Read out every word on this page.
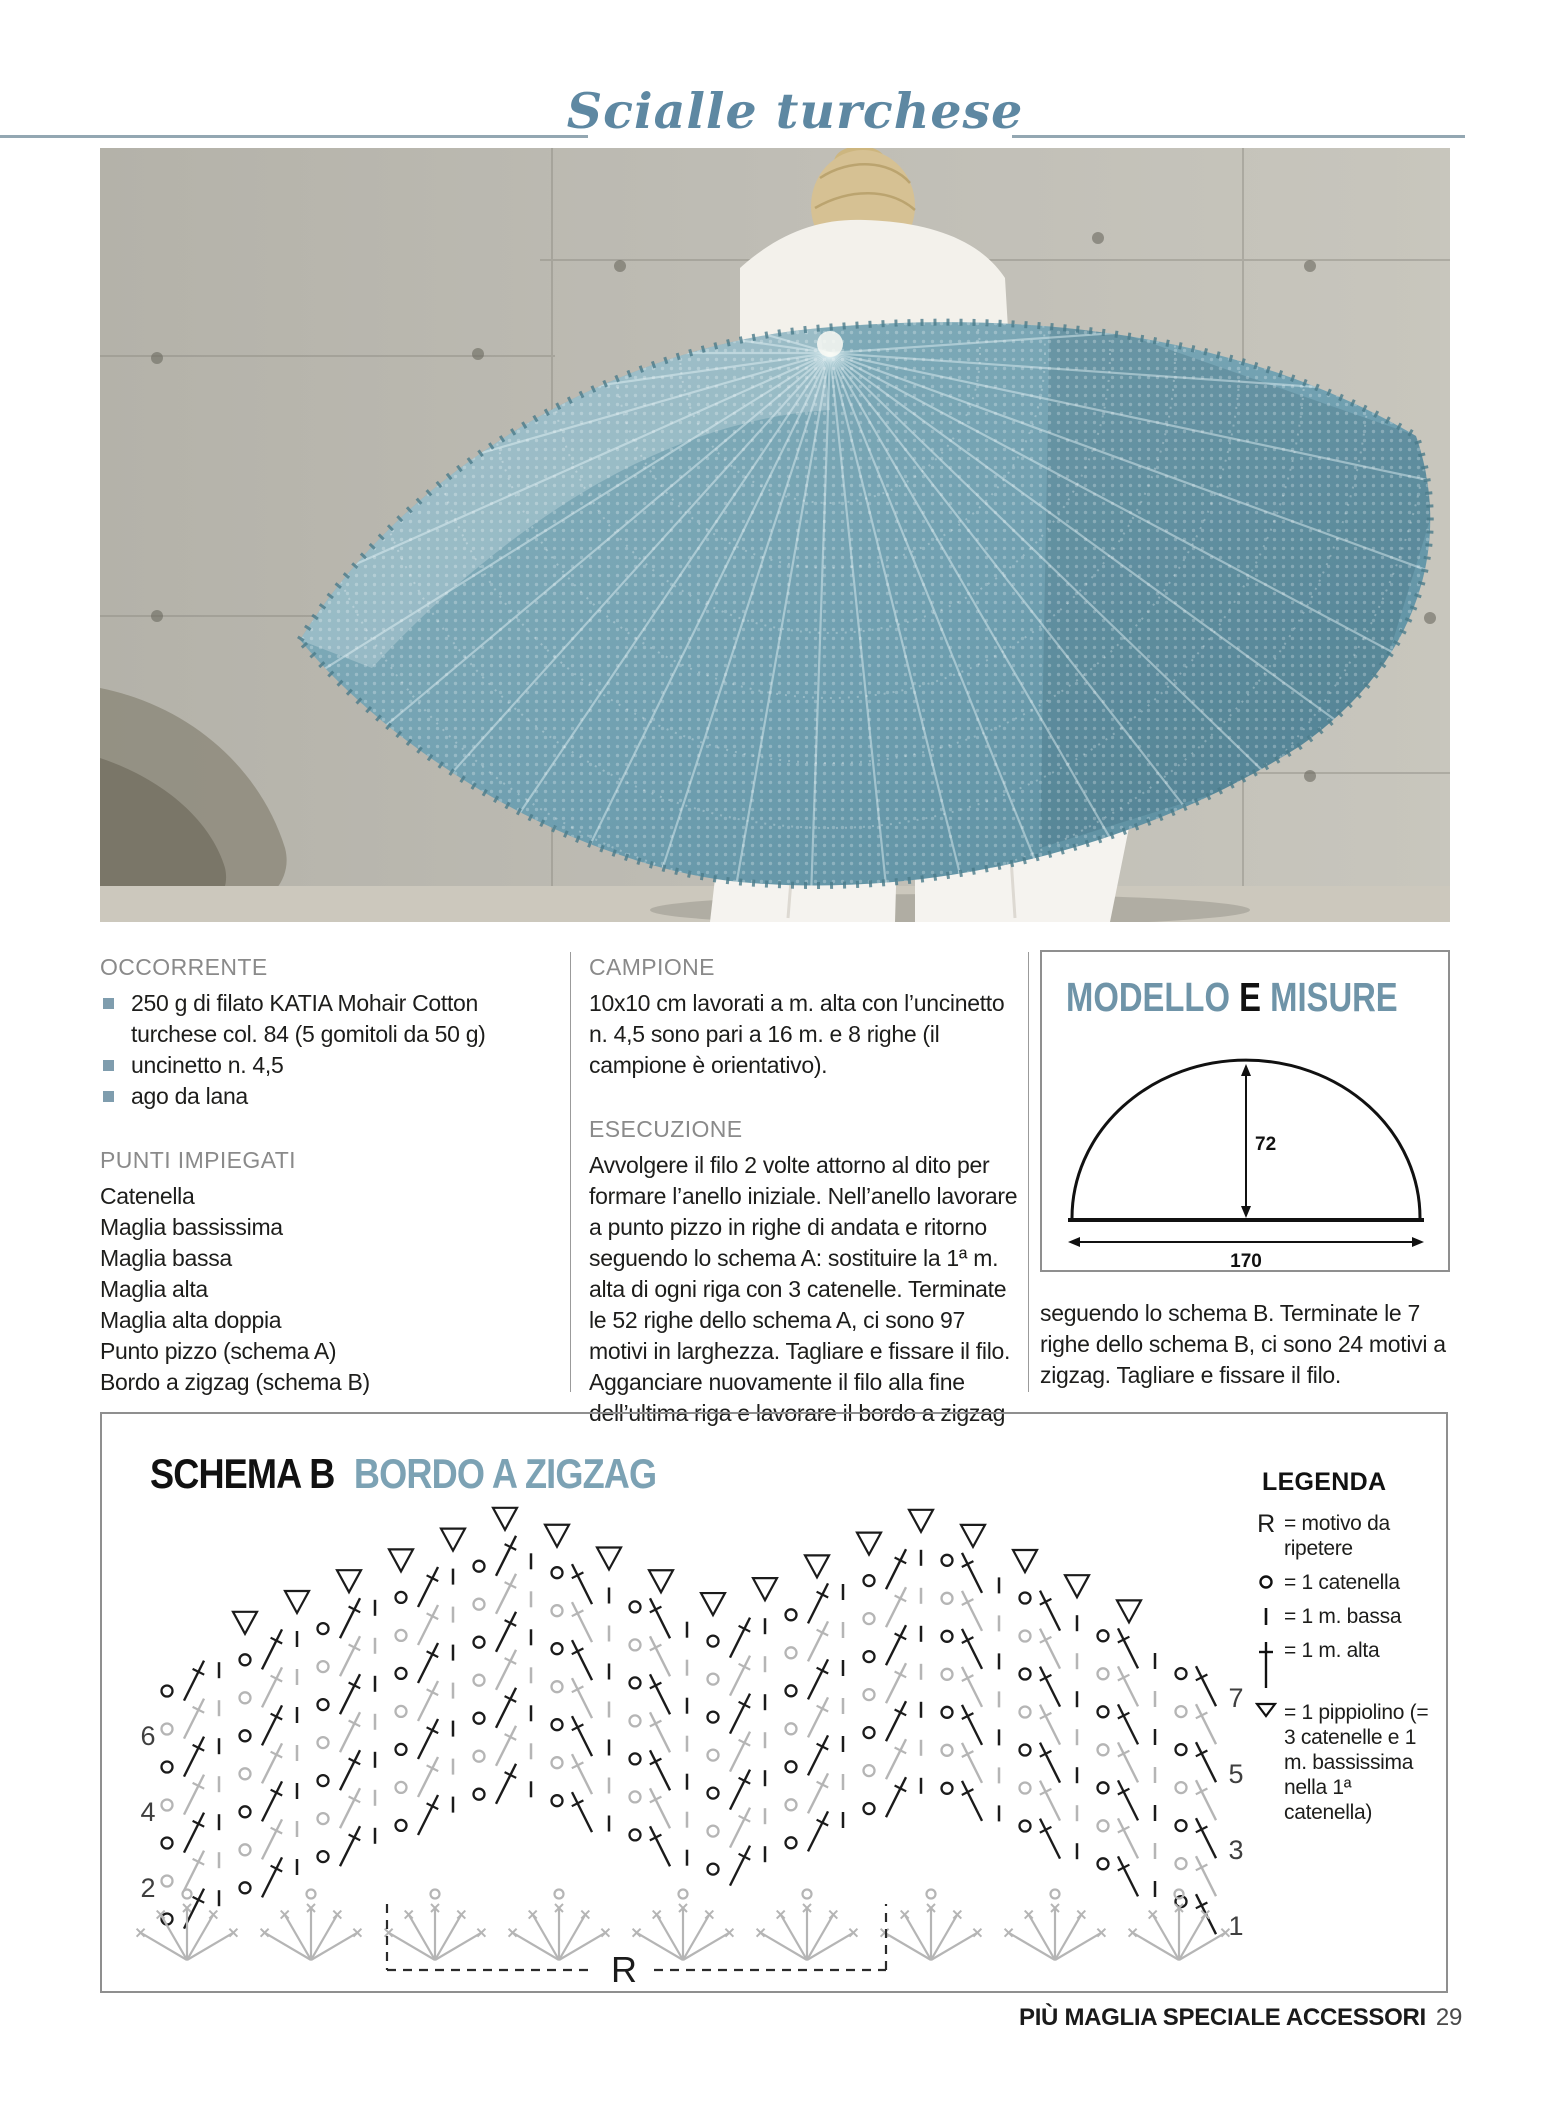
Scialle turchese
OCCORRENTE
250 g di filato KATIA Mohair Cotton turchese col. 84 (5 gomitoli da 50 g)
uncinetto n. 4,5
ago da lana
PUNTI IMPIEGATI
Catenella
Maglia bassissima
Maglia bassa
Maglia alta
Maglia alta doppia
Punto pizzo (schema A)
Bordo a zigzag (schema B)
CAMPIONE

10x10 cm lavorati a m. alta con l’uncinetto n. 4,5 sono pari a 16 m. e 8 righe (il campione è orientativo).

ESECUZIONE

Avvolgere il filo 2 volte attorno al dito per formare l’anello iniziale. Nell’anello lavorare a punto pizzo in righe di andata e ritorno seguendo lo schema A: sostituire la 1ª m. alta di ogni riga con 3 catenelle. Terminate le 52 righe dello schema A, ci sono 97 motivi in larghezza. Tagliare e fissare il filo. Agganciare nuovamente il filo alla fine dell’ultima riga e lavorare il bordo a zigzag

MODELLO E MISURE
72
170

seguendo lo schema B. Terminate le 7 righe dello schema B, ci sono 24 motivi a zigzag. Tagliare e fissare il filo.

R
6
4
2
7
5
3
1
SCHEMA B BORDO A ZIGZAG	LEGENDA
R = motivo da ripetere
= 1 catenella
= 1 m. bassa
= 1 m. alta
= 1 pippiolino (= 3 catenelle e 1 m. bassissima nella 1ª catenella)
PIÙ MAGLIA SPECIALE ACCESSORI 29
